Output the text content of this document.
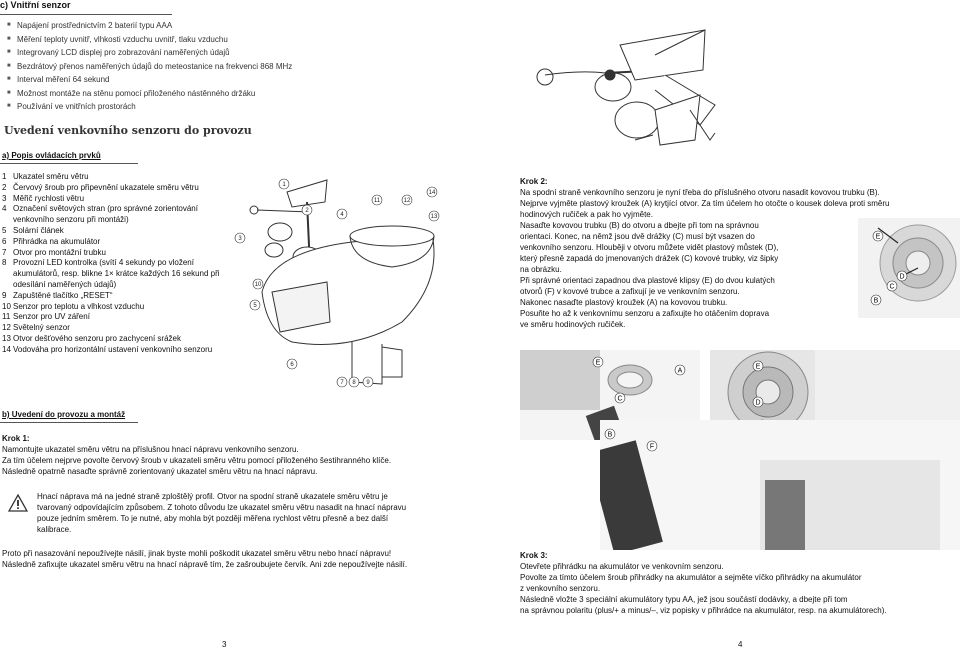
c) Vnitřní senzor
■ Napájení prostřednictvím 2 baterií typu AAA
■ Měření teploty uvnitř, vlhkosti vzduchu uvnitř, tlaku vzduchu
■ Integrovaný LCD displej pro zobrazování naměřených údajů
■ Bezdrátový přenos naměřených údajů do meteostanice na frekvenci 868 MHz
■ Interval měření 64 sekund
■ Možnost montáže na stěnu pomocí přiloženého nástěnného držáku
■ Používání ve vnitřních prostorách
Uvedení venkovního senzoru do provozu
a) Popis ovládacích prvků
1 Ukazatel směru větru
2 Červový šroub pro připevnění ukazatele směru větru
3 Měřič rychlosti větru
4 Označení světových stran (pro správné zorientování venkovního senzoru při montáži)
5 Solární článek
6 Přihrádka na akumulátor
7 Otvor pro montážní trubku
8 Provozní LED kontrolka (svítí 4 sekundy po vložení akumulátorů, resp. bliknе 1× krátce každých 16 sekund při odesílání naměřených údajů)
9 Zapuštěné tlačítko „RESET“
10 Senzor pro teplotu a vlhkost vzduchu
11 Senzor pro UV záření
12 Světelný senzor
13 Otvor dešťového senzoru pro zachycení srážek
14 Vodováha pro horizontální ustavení venkovního senzoru
1
2
3
4
5
6
7 8 9
10
11	12
13
14
b) Uvedení do provozu a montáž
Krok 1:
Namontujte ukazatel směru větru na příslušnou hnací nápravu venkovního senzoru.
Za tím účelem nejprve povolte červový šroub v ukazateli směru větru pomocí přiloženého šestihranného klíče.
Následně opatrně nasaďte správně zorientovaný ukazatel směru větru na hnací nápravu.
Hnací náprava má na jedné straně zploštělý profil. Otvor na spodní straně ukazatele směru větru je
tvarovaný odpovídajícím způsobem. Z tohoto důvodu lze ukazatel směru větru nasadit na hnací nápravu
pouze jedním směrem. To je nutné, aby mohla být později měřena rychlost větru přesně a bez další
kalibrace.
Proto při nasazování nepoužívejte násilí, jinak byste mohli poškodit ukazatel směru větru nebo hnací nápravu!
Následně zafixujte ukazatel směru větru na hnací nápravě tím, že zašroubujete červík. Ani zde nepoužívejte násilí.
3
Krok 2:
Na spodní straně venkovního senzoru je nyní třeba do příslušného otvoru nasadit kovovou trubku (B).
Nejprve vyjměte plastový kroužek (A) krytjící otvor. Za tím účelem ho otočte o kousek doleva proti směru
hodinových ručiček a pak ho vyjměte.
Nasaďte kovovou trubku (B) do otvoru a dbejte při tom na správnou
orientaci. Konec, na němž jsou dvě drážky (C) musí být vsazen do
venkovního senzoru. Hlouběji v otvoru můžete vidět plastový můstek (D),
který přesně zapadá do jmenovaných drážek (C) kovové trubky, viz šipky
na obrázku.
Při správné orientaci zapadnou dva plastové klipsy (E) do dvou kulatých
otvorů (F) v kovové trubce a zafixují je ve venkovním senzoru.
Nakonec nasaďte plastový kroužek (A) na kovovou trubku.
Posuňte ho až k venkovnímu senzoru a zafixujte ho otáčením doprava
ve směru hodinových ručiček.
E
B
C
D
E
A
C
E
D
B
F
Krok 3:
Otevřete přihrádku na akumulátor ve venkovním senzoru.
Povolte za tímto účelem šroub přihrádky na akumulátor a sejměte víčko přihrádky na akumulátor
z venkovního senzoru.
Následně vložte 3 speciální akumulátory typu AA, jež jsou součástí dodávky, a dbejte při tom
na správnou polaritu (plus/+ a minus/–, viz popisky v přihrádce na akumulátor, resp. na akumulátorech).
4
